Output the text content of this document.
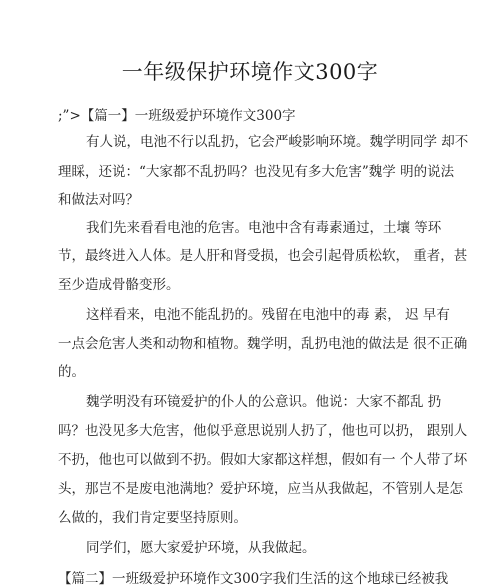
一年级保护环境作文300字
;”>【篇一】一班级爱护环境作文300字
有人说，电池不行以乱扔，它会严峻影响环境。魏学明同学 却不
理睬，还说：“大家都不乱扔吗？也没见有多大危害”魏学 明的说法
和做法对吗？
我们先来看看电池的危害。电池中含有毒素通过，土壤 等环
节，最终进入人体。是人肝和肾受损，也会引起骨质松软， 重者，甚
至少造成骨骼变形。
这样看来，电池不能乱扔的。残留在电池中的毒 素， 迟 早有
一点会危害人类和动物和植物。魏学明，乱扔电池的做法是 很不正确
的。
魏学明没有环镜爱护的仆人的公意识。他说：大家不都乱 扔
吗？也没见多大危害，他似乎意思说别人扔了，他也可以扔， 跟别人
不扔，他也可以做到不扔。假如大家都这样想，假如有一 个人带了坏
头，那岂不是废电池满地？爱护环境，应当从我做起，不管别人是怎
么做的，我们肯定要坚持原则。
同学们，愿大家爱护环境，从我做起。
【篇二】一班级爱护环境作文300字我们生活的这个地球已经被我
